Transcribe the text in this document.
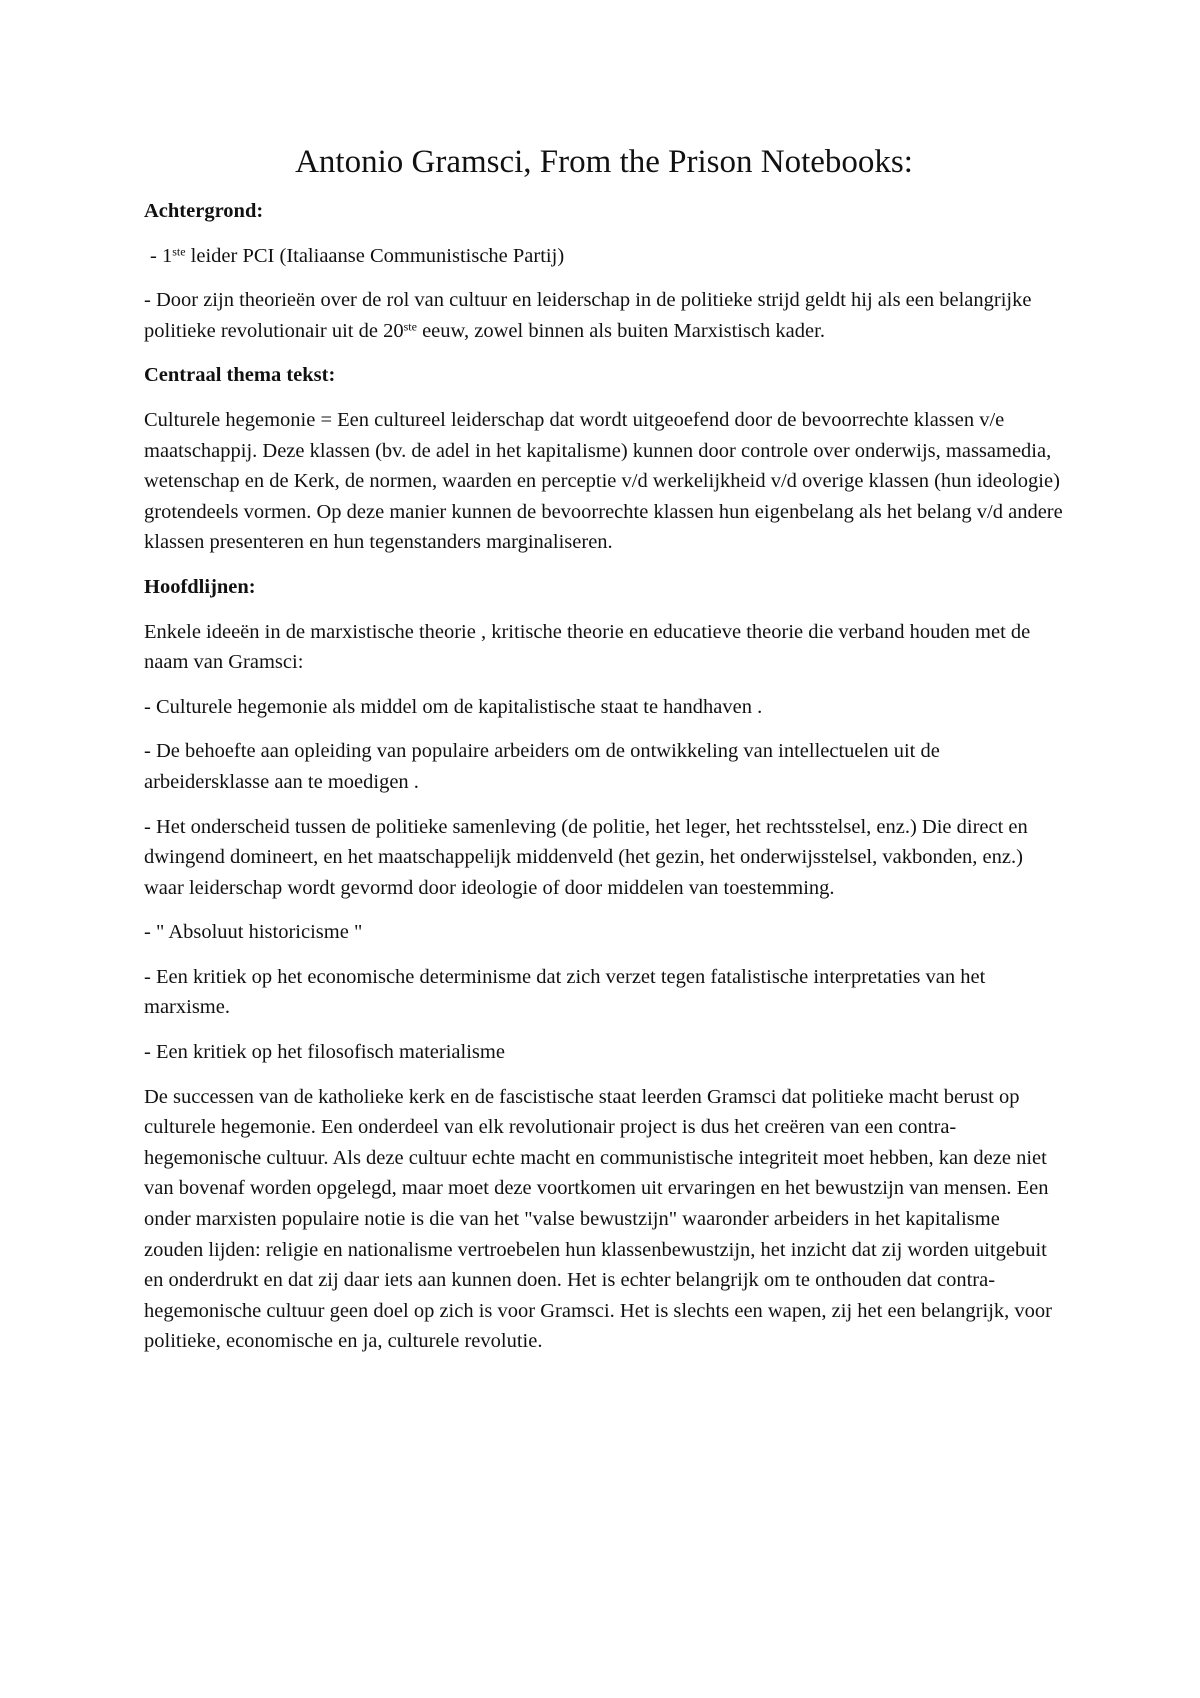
Antonio Gramsci, From the Prison Notebooks:
Achtergrond:

- 1ste leider PCI (Italiaanse Communistische Partij)

- Door zijn theorieën over de rol van cultuur en leiderschap in de politieke strijd geldt hij als een belangrijke politieke revolutionair uit de 20ste eeuw, zowel binnen als buiten Marxistisch kader.

Centraal thema tekst:

Culturele hegemonie = Een cultureel leiderschap dat wordt uitgeoefend door de bevoorrechte klassen v/e maatschappij. Deze klassen (bv. de adel in het kapitalisme) kunnen door controle over onderwijs, massamedia, wetenschap en de Kerk, de normen, waarden en perceptie v/d werkelijkheid v/d overige klassen (hun ideologie) grotendeels vormen. Op deze manier kunnen de bevoorrechte klassen hun eigenbelang als het belang v/d andere klassen presenteren en hun tegenstanders marginaliseren.

Hoofdlijnen:

Enkele ideeën in de marxistische theorie , kritische theorie en educatieve theorie die verband houden met de naam van Gramsci:

- Culturele hegemonie als middel om de kapitalistische staat te handhaven .

- De behoefte aan opleiding van populaire arbeiders om de ontwikkeling van intellectuelen uit de arbeidersklasse aan te moedigen .

- Het onderscheid tussen de politieke samenleving (de politie, het leger, het rechtsstelsel, enz.) Die direct en dwingend domineert, en het maatschappelijk middenveld (het gezin, het onderwijsstelsel, vakbonden, enz.) waar leiderschap wordt gevormd door ideologie of door middelen van toestemming.

- " Absoluut historicisme "

- Een kritiek op het economische determinisme dat zich verzet tegen fatalistische interpretaties van het marxisme.

- Een kritiek op het filosofisch materialisme

De successen van de katholieke kerk en de fascistische staat leerden Gramsci dat politieke macht berust op culturele hegemonie. Een onderdeel van elk revolutionair project is dus het creëren van een contra-hegemonische cultuur. Als deze cultuur echte macht en communistische integriteit moet hebben, kan deze niet van bovenaf worden opgelegd, maar moet deze voortkomen uit ervaringen en het bewustzijn van mensen. Een onder marxisten populaire notie is die van het "valse bewustzijn" waaronder arbeiders in het kapitalisme zouden lijden: religie en nationalisme vertroebelen hun klassenbewustzijn, het inzicht dat zij worden uitgebuit en onderdrukt en dat zij daar iets aan kunnen doen. Het is echter belangrijk om te onthouden dat contra-hegemonische cultuur geen doel op zich is voor Gramsci. Het is slechts een wapen, zij het een belangrijk, voor politieke, economische en ja, culturele revolutie.
